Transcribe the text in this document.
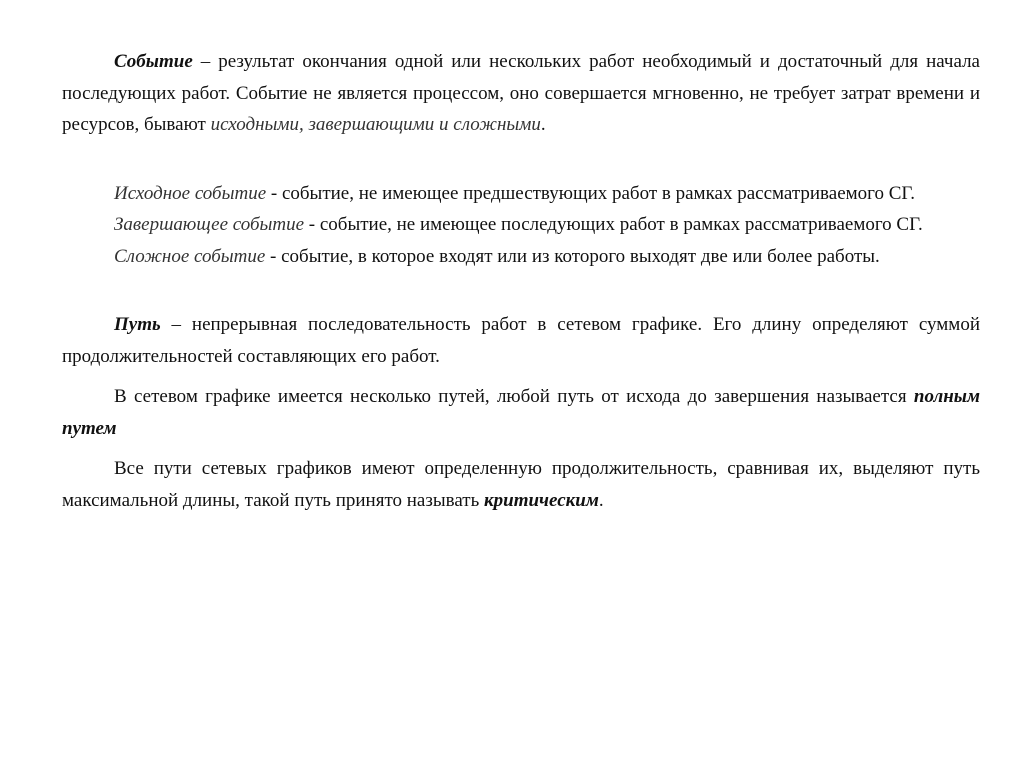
Событие – результат окончания одной или нескольких работ необходимый и достаточный для начала последующих работ. Событие не является процессом, оно совершается мгновенно, не требует затрат времени и ресурсов, бывают исходными, завершающими и сложными.

Исходное событие - событие, не имеющее предшествующих работ в рамках рассматриваемого СГ.

Завершающее событие - событие, не имеющее последующих работ в рамках рассматриваемого СГ.

Сложное событие - событие, в которое входят или из которого выходят две или более работы.

Путь – непрерывная последовательность работ в сетевом графике. Его длину определяют суммой продолжительностей составляющих его работ.

В сетевом графике имеется несколько путей, любой путь от исхода до завершения называется полным путем

Все пути сетевых графиков имеют определенную продолжительность, сравнивая их, выделяют путь максимальной длины, такой путь принято называть критическим.
